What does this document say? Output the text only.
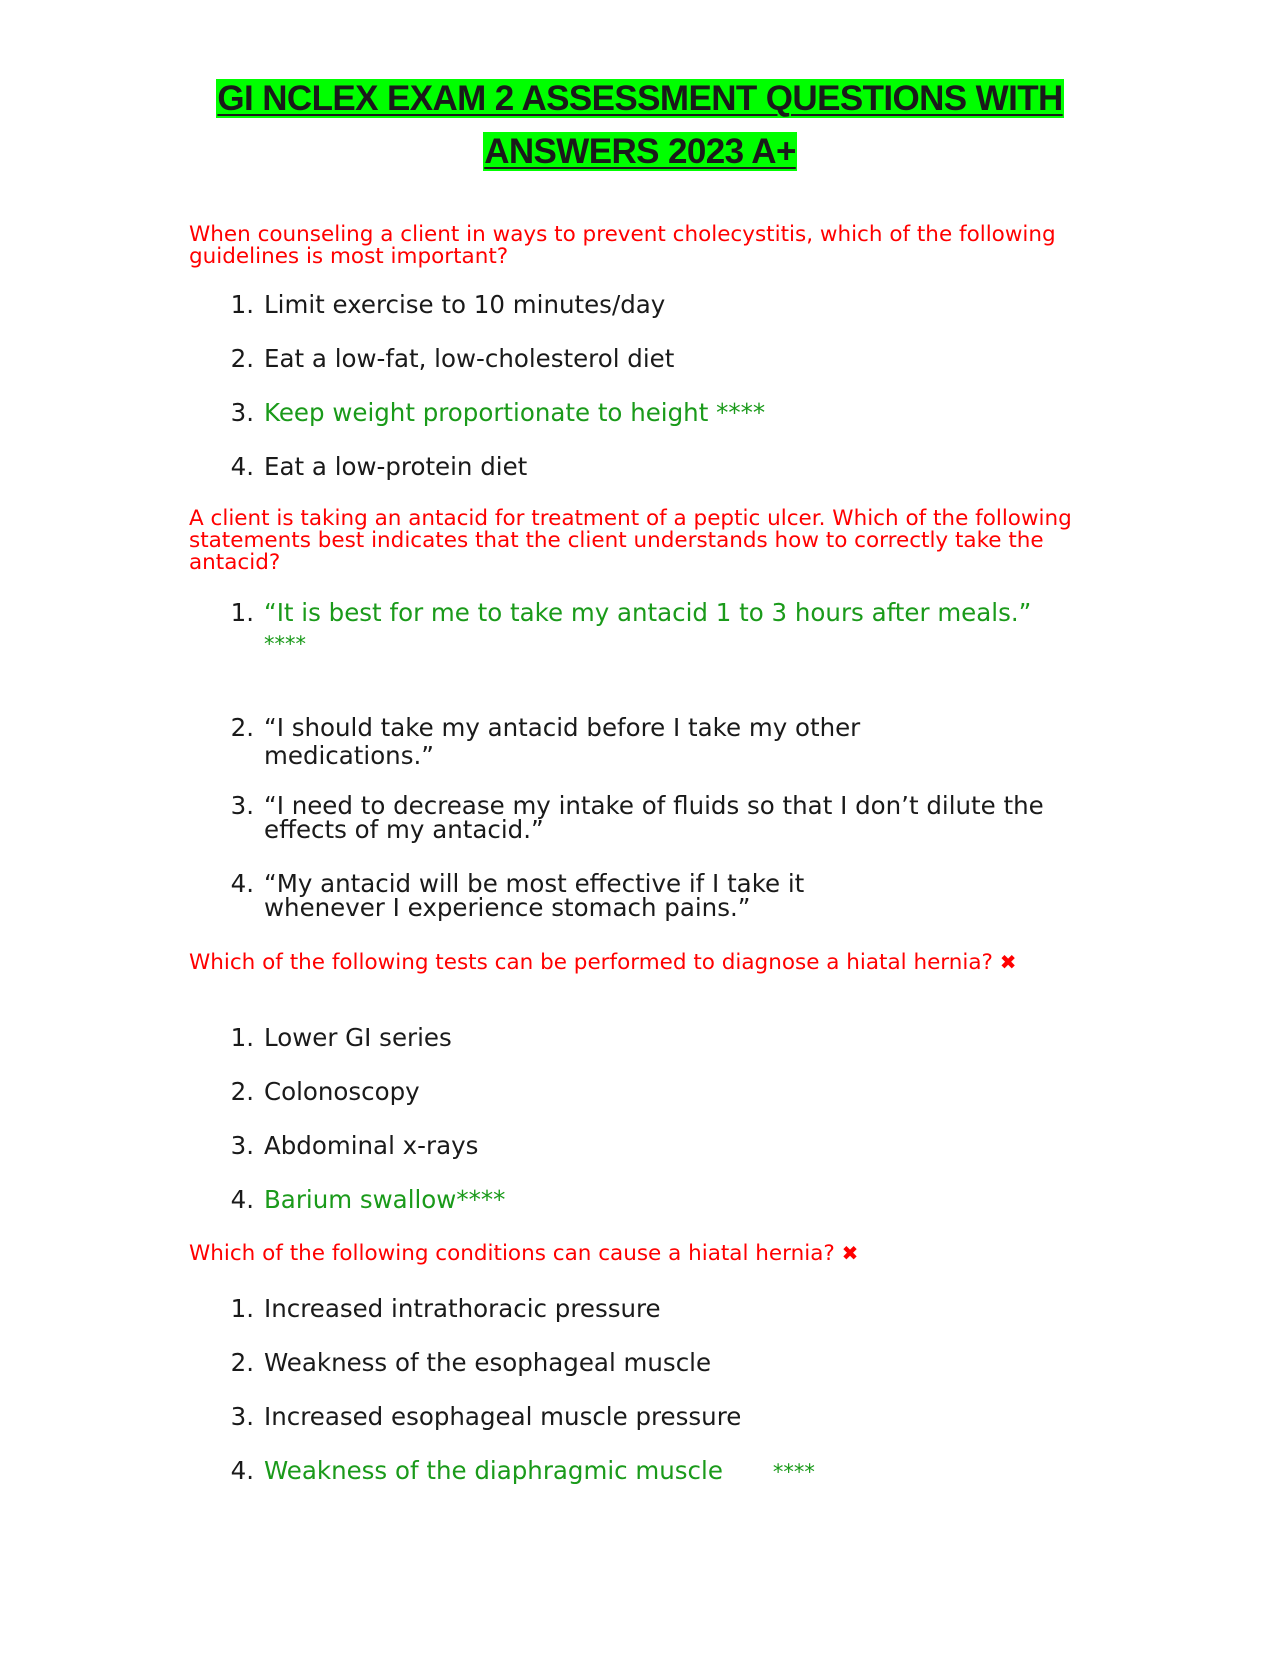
GI NCLEX EXAM 2 ASSESSMENT QUESTIONS WITH
ANSWERS 2023 A+
When counseling a client in ways to prevent cholecystitis, which of the following guidelines is most important?
1. Limit exercise to 10 minutes/day
2. Eat a low-fat, low-cholesterol diet
3. Keep weight proportionate to height ****
4. Eat a low-protein diet
A client is taking an antacid for treatment of a peptic ulcer. Which of the following statements best indicates that the client understands how to correctly take the antacid?
1. “It is best for me to take my antacid 1 to 3 hours after meals.”
****
2. “I should take my antacid before I take my other medications.”
3. “I need to decrease my intake of fluids so that I don’t dilute the effects of my antacid.”
4. “My antacid will be most effective if I take it whenever I experience stomach pains.”
Which of the following tests can be performed to diagnose a hiatal hernia? ✖
1. Lower GI series
2. Colonoscopy
3. Abdominal x-rays
4. Barium swallow****
Which of the following conditions can cause a hiatal hernia? ✖
1. Increased intrathoracic pressure
2. Weakness of the esophageal muscle
3. Increased esophageal muscle pressure
4. Weakness of the diaphragmic muscle ****
